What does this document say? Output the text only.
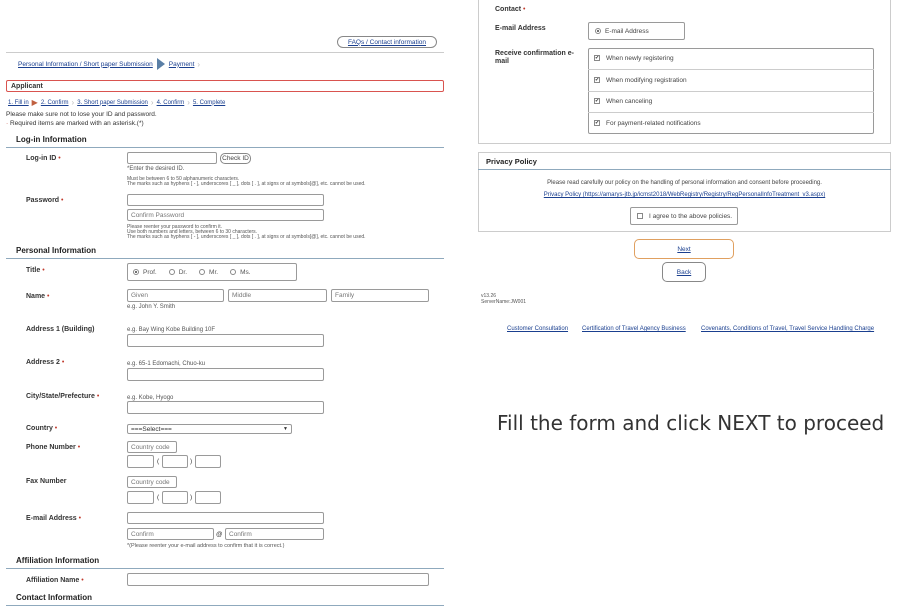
FAQs / Contact information
Personal Information / Short paper Submission Payment ›
Applicant
1. Fill in ▶ 2. Confirm › 3. Short paper Submission › 4. Confirm › 5. Complete
Please make sure not to lose your ID and password.
· Required items are marked with an asterisk.(*)
Log-in Information
Log-in ID •	Check ID
*Enter the desired ID.
Must be between 6 to 50 alphanumeric characters.
The marks such as hyphens [ - ], underscores [ _ ], dots [ . ], at signs or at symbols[@], etc. cannot be used.
Password •
Confirm Password
Please reenter your password to confirm it.
Use both numbers and letters, between 6 to 30 characters.
The marks such as hyphens [ - ], underscores [ _ ], dots [ . ], at signs or at symbols[@], etc. cannot be used.
Personal Information
Title •	Prof.	Dr.	Mr.	Ms.
Name •	Given	Middle	Family
e.g. John Y. Smith
Address 1 (Building)	e.g. Bay Wing Kobe Building 10F
Address 2 •	e.g. 65-1 Edomachi, Chuo-ku
City/State/Prefecture •	e.g. Kobe, Hyogo
Country •	===Select===	▼
Phone Number •	Country code
(	)
Fax Number	Country code
(	)
E-mail Address •
Confirm	@ Confirm
*(Please reenter your e-mail address to confirm that it is correct.)
Affiliation Information
Affiliation Name •
Contact Information
Contact •
E-mail Address	E-mail Address
Receive confirmation e-mail	✔ When newly registering
✔ When modifying registration
✔ When canceling
✔ For payment-related notifications
Privacy Policy
Please read carefully our policy on the handling of personal information and consent before proceeding.
Privacy Policy (https://amarys-jtb.jp/icmst2018/WebRegistry/Registry/RegPersonalInfoTreatment_v3.aspx)
I agree to the above policies.
Next
Back
v13.26
ServerName:JW001
Customer Consultation Certification of Travel Agency Business	Covenants, Conditions of Travel, Travel Service Handling Charge
Fill the form and click NEXT to proceed
